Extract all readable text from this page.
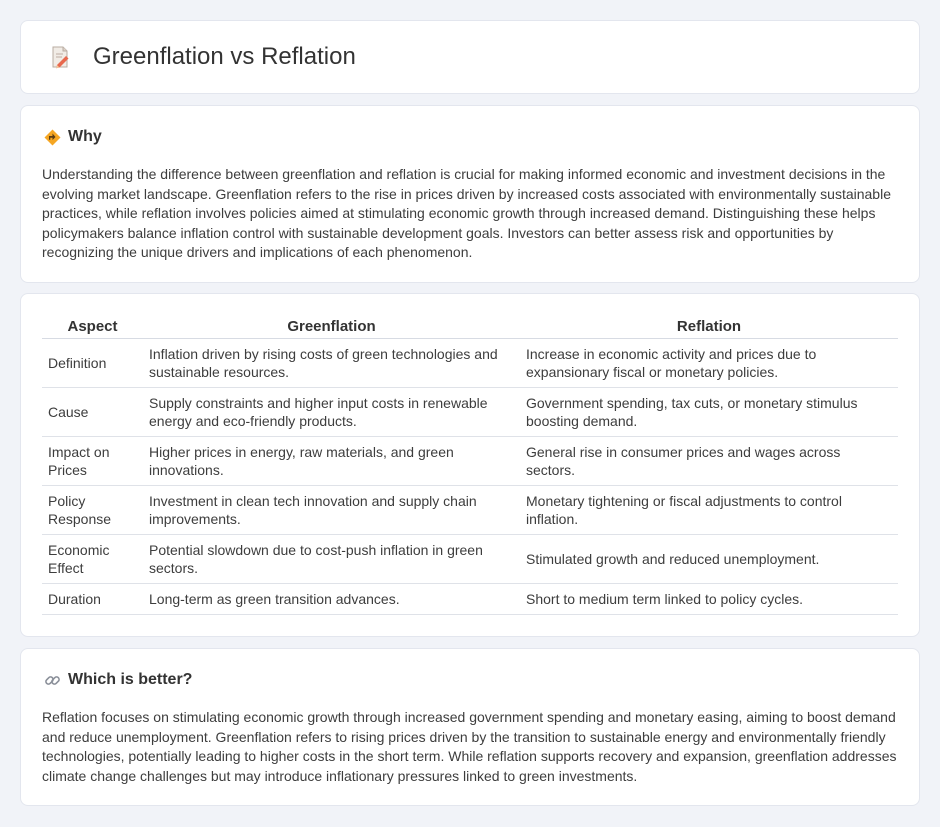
Greenflation vs Reflation
Why

Understanding the difference between greenflation and reflation is crucial for making informed economic and investment decisions in the evolving market landscape. Greenflation refers to the rise in prices driven by increased costs associated with environmentally sustainable practices, while reflation involves policies aimed at stimulating economic growth through increased demand. Distinguishing these helps policymakers balance inflation control with sustainable development goals. Investors can better assess risk and opportunities by recognizing the unique drivers and implications of each phenomenon.

Aspect	Greenflation	Reflation
Definition	Inflation driven by rising costs of green technologies and sustainable resources.	Increase in economic activity and prices due to expansionary fiscal or monetary policies.
Cause	Supply constraints and higher input costs in renewable energy and eco-friendly products.	Government spending, tax cuts, or monetary stimulus boosting demand.
Impact on Prices	Higher prices in energy, raw materials, and green innovations.	General rise in consumer prices and wages across sectors.
Policy Response	Investment in clean tech innovation and supply chain improvements.	Monetary tightening or fiscal adjustments to control inflation.
Economic Effect	Potential slowdown due to cost-push inflation in green sectors.	Stimulated growth and reduced unemployment.
Duration	Long-term as green transition advances.	Short to medium term linked to policy cycles.
Which is better?

Reflation focuses on stimulating economic growth through increased government spending and monetary easing, aiming to boost demand and reduce unemployment. Greenflation refers to rising prices driven by the transition to sustainable energy and environmentally friendly technologies, potentially leading to higher costs in the short term. While reflation supports recovery and expansion, greenflation addresses climate change challenges but may introduce inflationary pressures linked to green investments.
